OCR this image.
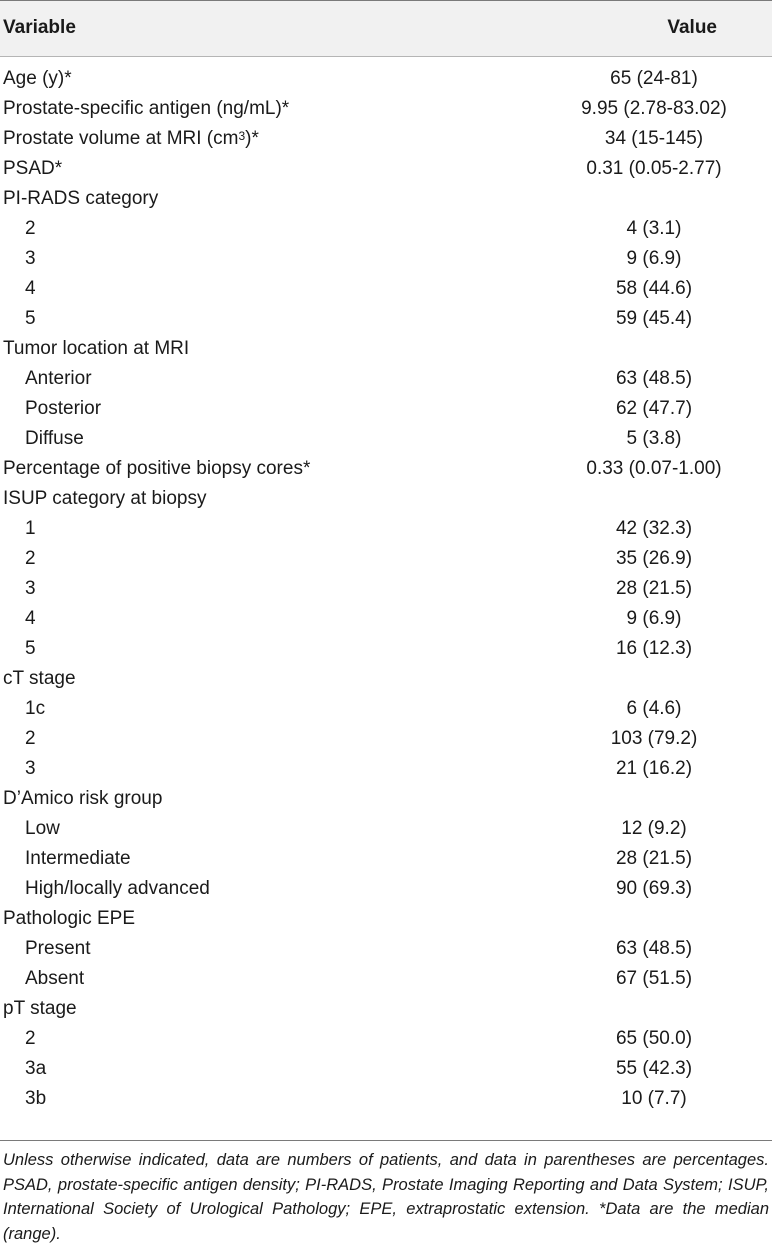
Variable	Value
Age (y)*	65 (24-81)
Prostate-specific antigen (ng/mL)*	9.95 (2.78-83.02)
Prostate volume at MRI $(cm^3)*$	34 (15-145)
PSAD*	0.31 (0.05-2.77)
PI-RADS category
2	4 (3.1)
3	9 (6.9)
4	58 (44.6)
5	59 (45.4)
Tumor location at MRI
Anterior	63 (48.5)
Posterior	62 (47.7)
Diffuse	5 (3.8)
Percentage of positive biopsy cores*	0.33 (0.07-1.00)
ISUP category at biopsy
1	42 (32.3)
2	35 (26.9)
3	28 (21.5)
4	9 (6.9)
5	16 (12.3)
cT stage
1c	6 (4.6)
2	103 (79.2)
3	21 (16.2)
D’Amico risk group
Low	12 (9.2)
Intermediate	28 (21.5)
High/locally advanced	90 (69.3)
Pathologic EPE
Present	63 (48.5)
Absent	67 (51.5)
pT stage
2	65 (50.0)
3a	55 (42.3)
3b	10 (7.7)
Unless otherwise indicated, data are numbers of patients, and data in parentheses are percentages. PSAD, prostate-specific antigen density; PI-RADS, Prostate Imaging Reporting and Data System; ISUP, International Society of Urological Pathology; EPE, extraprostatic extension. *Data are the median (range).
